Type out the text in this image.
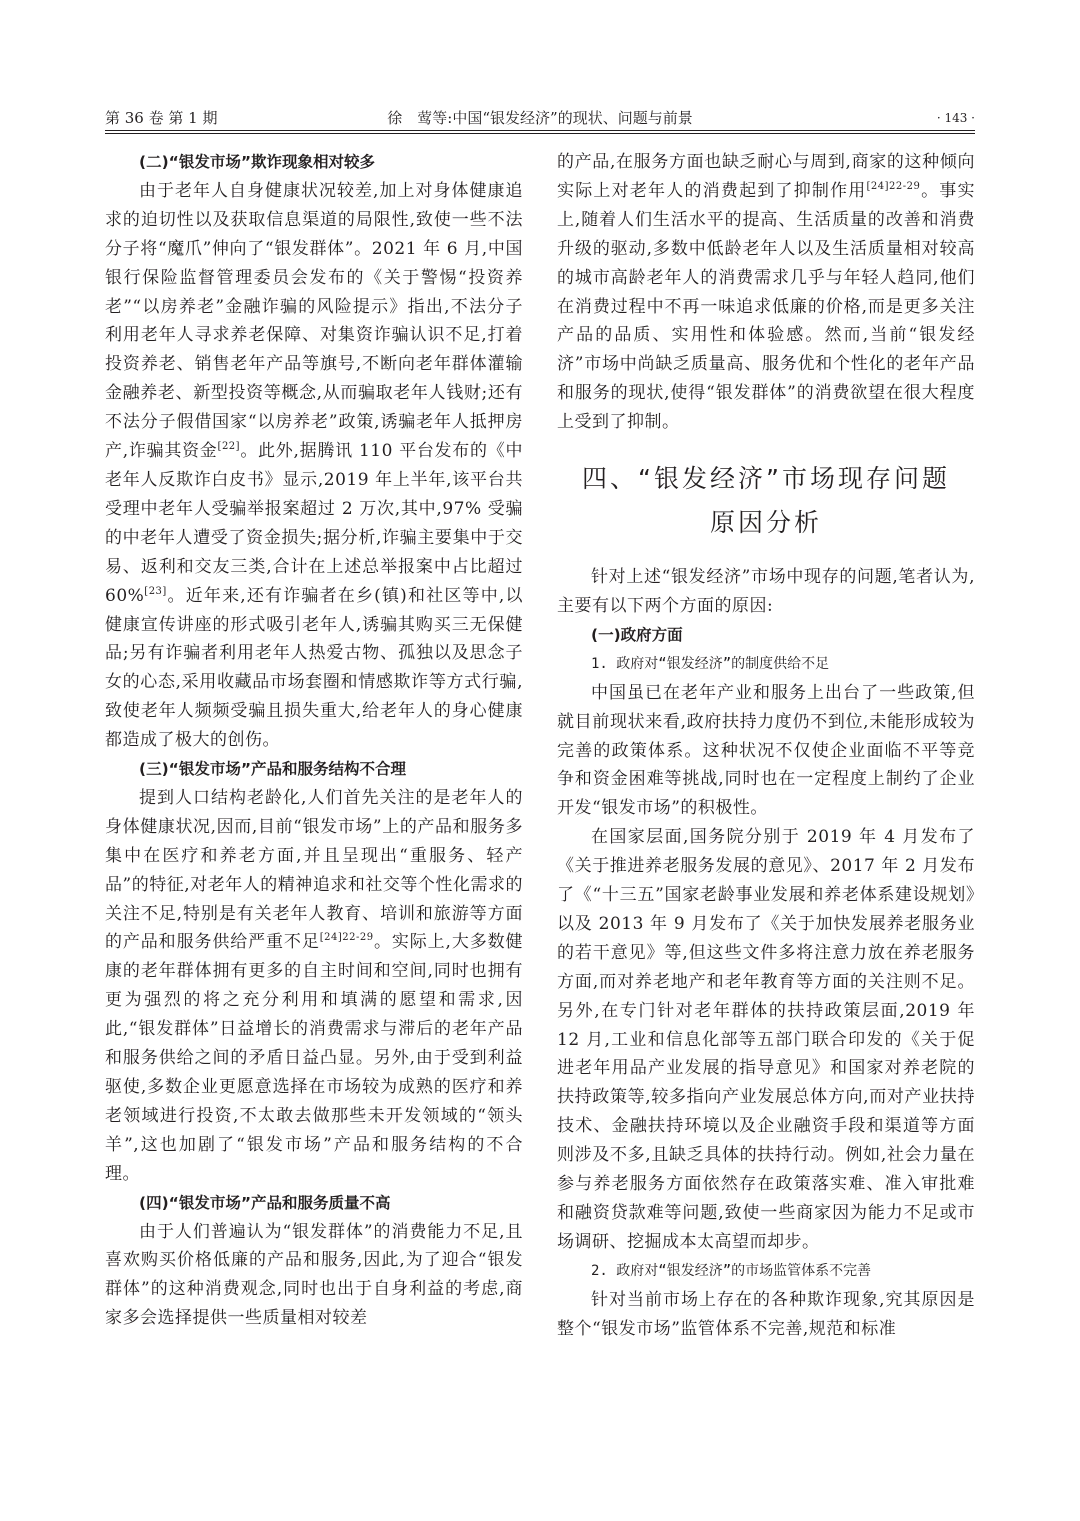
第 36 卷 第 1 期	徐　莺等:中国“银发经济”的现状、问题与前景	· 143 ·

(二)“银发市场”欺诈现象相对较多

由于老年人自身健康状况较差,加上对身体健康追求的迫切性以及获取信息渠道的局限性,致使一些不法分子将“魔爪”伸向了“银发群体”。2021 年 6 月,中国银行保险监督管理委员会发布的《关于警惕“投资养老”“以房养老”金融诈骗的风险提示》指出,不法分子利用老年人寻求养老保障、对集资诈骗认识不足,打着投资养老、销售老年产品等旗号,不断向老年群体灌输金融养老、新型投资等概念,从而骗取老年人钱财;还有不法分子假借国家“以房养老”政策,诱骗老年人抵押房产,诈骗其资金[22]。此外,据腾讯 110 平台发布的《中老年人反欺诈白皮书》显示,2019 年上半年,该平台共受理中老年人受骗举报案超过 2 万次,其中,97% 受骗的中老年人遭受了资金损失;据分析,诈骗主要集中于交易、返利和交友三类,合计在上述总举报案中占比超过 60%[23]。近年来,还有诈骗者在乡(镇)和社区等中,以健康宣传讲座的形式吸引老年人,诱骗其购买三无保健品;另有诈骗者利用老年人热爱古物、孤独以及思念子女的心态,采用收藏品市场套圈和情感欺诈等方式行骗,致使老年人频频受骗且损失重大,给老年人的身心健康都造成了极大的创伤。

(三)“银发市场”产品和服务结构不合理

提到人口结构老龄化,人们首先关注的是老年人的身体健康状况,因而,目前“银发市场”上的产品和服务多集中在医疗和养老方面,并且呈现出“重服务、轻产品”的特征,对老年人的精神追求和社交等个性化需求的关注不足,特别是有关老年人教育、培训和旅游等方面的产品和服务供给严重不足$^{[24]22-29}$。实际上,大多数健康的老年群体拥有更多的自主时间和空间,同时也拥有更为强烈的将之充分利用和填满的愿望和需求,因此,“银发群体”日益增长的消费需求与滞后的老年产品和服务供给之间的矛盾日益凸显。另外,由于受到利益驱使,多数企业更愿意选择在市场较为成熟的医疗和养老领域进行投资,不太敢去做那些未开发领域的“领头羊”,这也加剧了“银发市场”产品和服务结构的不合理。

(四)“银发市场”产品和服务质量不高

由于人们普遍认为“银发群体”的消费能力不足,且喜欢购买价格低廉的产品和服务,因此,为了迎合“银发群体”的这种消费观念,同时也出于自身利益的考虑,商家多会选择提供一些质量相对较差

的产品,在服务方面也缺乏耐心与周到,商家的这种倾向实际上对老年人的消费起到了抑制作用$^{[24]22-29}$。事实上,随着人们生活水平的提高、生活质量的改善和消费升级的驱动,多数中低龄老年人以及生活质量相对较高的城市高龄老年人的消费需求几乎与年轻人趋同,他们在消费过程中不再一味追求低廉的价格,而是更多关注产品的品质、实用性和体验感。然而,当前“银发经济”市场中尚缺乏质量高、服务优和个性化的老年产品和服务的现状,使得“银发群体”的消费欲望在很大程度上受到了抑制。

四、“银发经济”市场现存问题

原因分析

针对上述“银发经济”市场中现存的问题,笔者认为,主要有以下两个方面的原因:

(一)政府方面

1. 政府对“银发经济”的制度供给不足

中国虽已在老年产业和服务上出台了一些政策,但就目前现状来看,政府扶持力度仍不到位,未能形成较为完善的政策体系。这种状况不仅使企业面临不平等竞争和资金困难等挑战,同时也在一定程度上制约了企业开发“银发市场”的积极性。

在国家层面,国务院分别于 2019 年 4 月发布了《关于推进养老服务发展的意见》、2017 年 2 月发布了《“十三五”国家老龄事业发展和养老体系建设规划》以及 2013 年 9 月发布了《关于加快发展养老服务业的若干意见》等,但这些文件多将注意力放在养老服务方面,而对养老地产和老年教育等方面的关注则不足。另外,在专门针对老年群体的扶持政策层面,2019 年 12 月,工业和信息化部等五部门联合印发的《关于促进老年用品产业发展的指导意见》和国家对养老院的扶持政策等,较多指向产业发展总体方向,而对产业扶持技术、金融扶持环境以及企业融资手段和渠道等方面则涉及不多,且缺乏具体的扶持行动。例如,社会力量在参与养老服务方面依然存在政策落实难、准入审批难和融资贷款难等问题,致使一些商家因为能力不足或市场调研、挖掘成本太高望而却步。

2. 政府对“银发经济”的市场监管体系不完善

针对当前市场上存在的各种欺诈现象,究其原因是整个“银发市场”监管体系不完善,规范和标准
